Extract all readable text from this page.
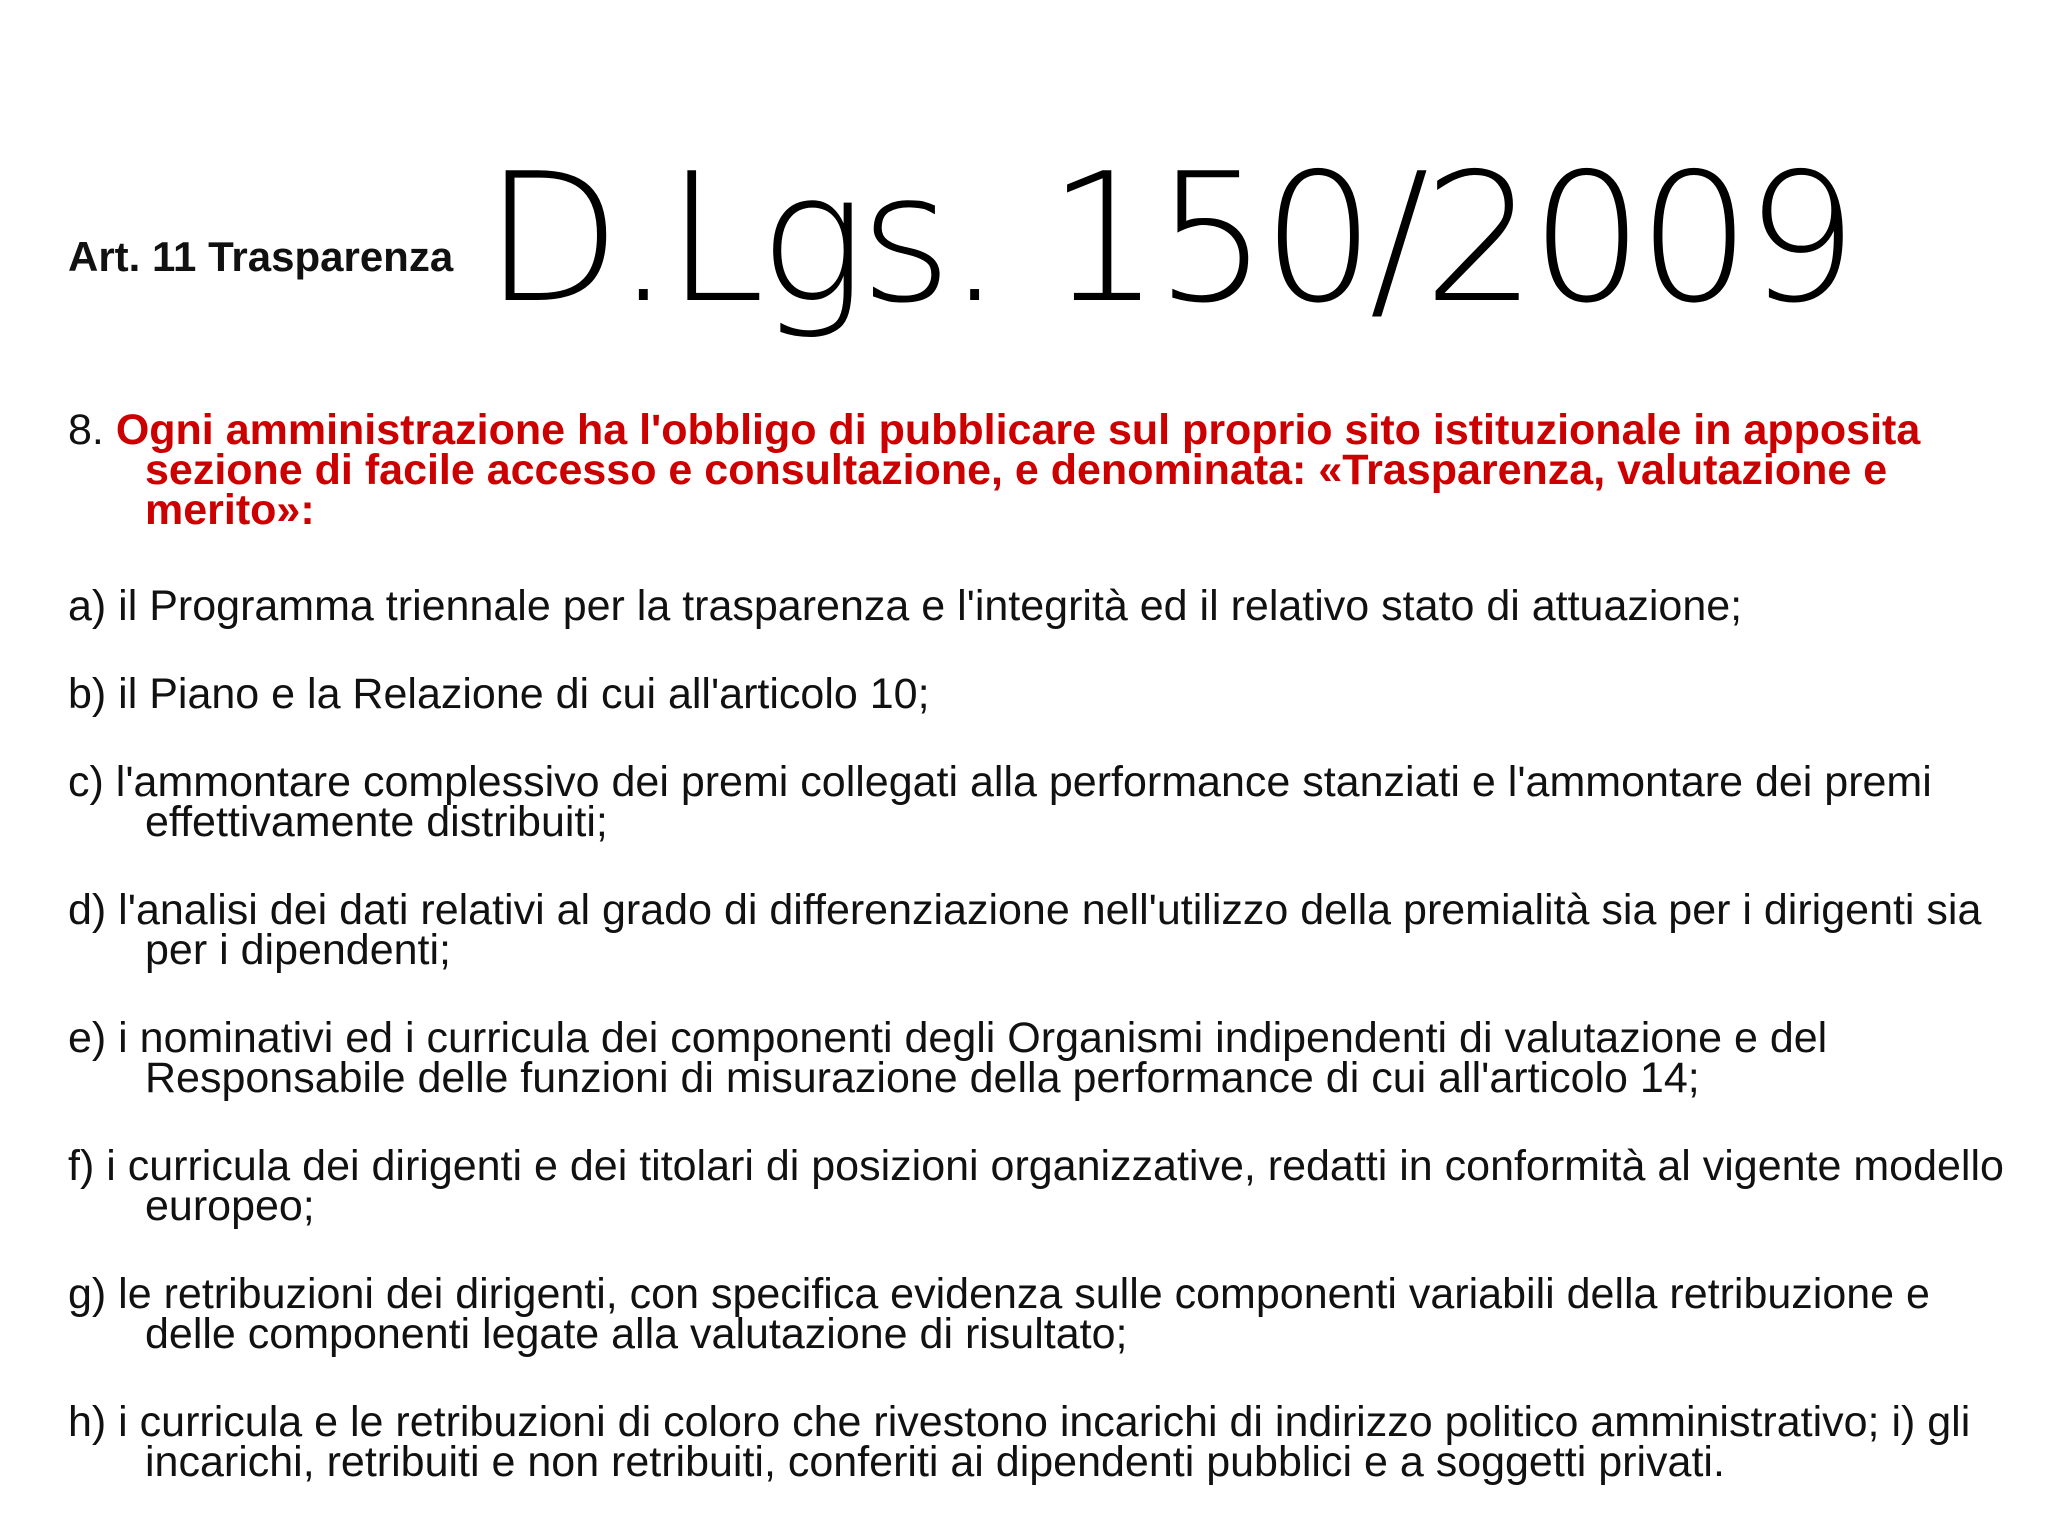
Art. 11 Trasparenza D.Lgs. 150/2009

8. Ogni amministrazione ha l'obbligo di pubblicare sul proprio sito istituzionale in apposita sezione di facile accesso e consultazione, e denominata: «Trasparenza, valutazione e merito»:

a) il Programma triennale per la trasparenza e l'integrità ed il relativo stato di attuazione;

b) il Piano e la Relazione di cui all'articolo 10;

c) l'ammontare complessivo dei premi collegati alla performance stanziati e l'ammontare dei premi effettivamente distribuiti;

d) l'analisi dei dati relativi al grado di differenziazione nell'utilizzo della premialità sia per i dirigenti sia per i dipendenti;

e) i nominativi ed i curricula dei componenti degli Organismi indipendenti di valutazione e del Responsabile delle funzioni di misurazione della performance di cui all'articolo 14;

f) i curricula dei dirigenti e dei titolari di posizioni organizzative, redatti in conformità al vigente modello europeo;

g) le retribuzioni dei dirigenti, con specifica evidenza sulle componenti variabili della retribuzione e delle componenti legate alla valutazione di risultato;

h) i curricula e le retribuzioni di coloro che rivestono incarichi di indirizzo politico amministrativo; i) gli incarichi, retribuiti e non retribuiti, conferiti ai dipendenti pubblici e a soggetti privati.
